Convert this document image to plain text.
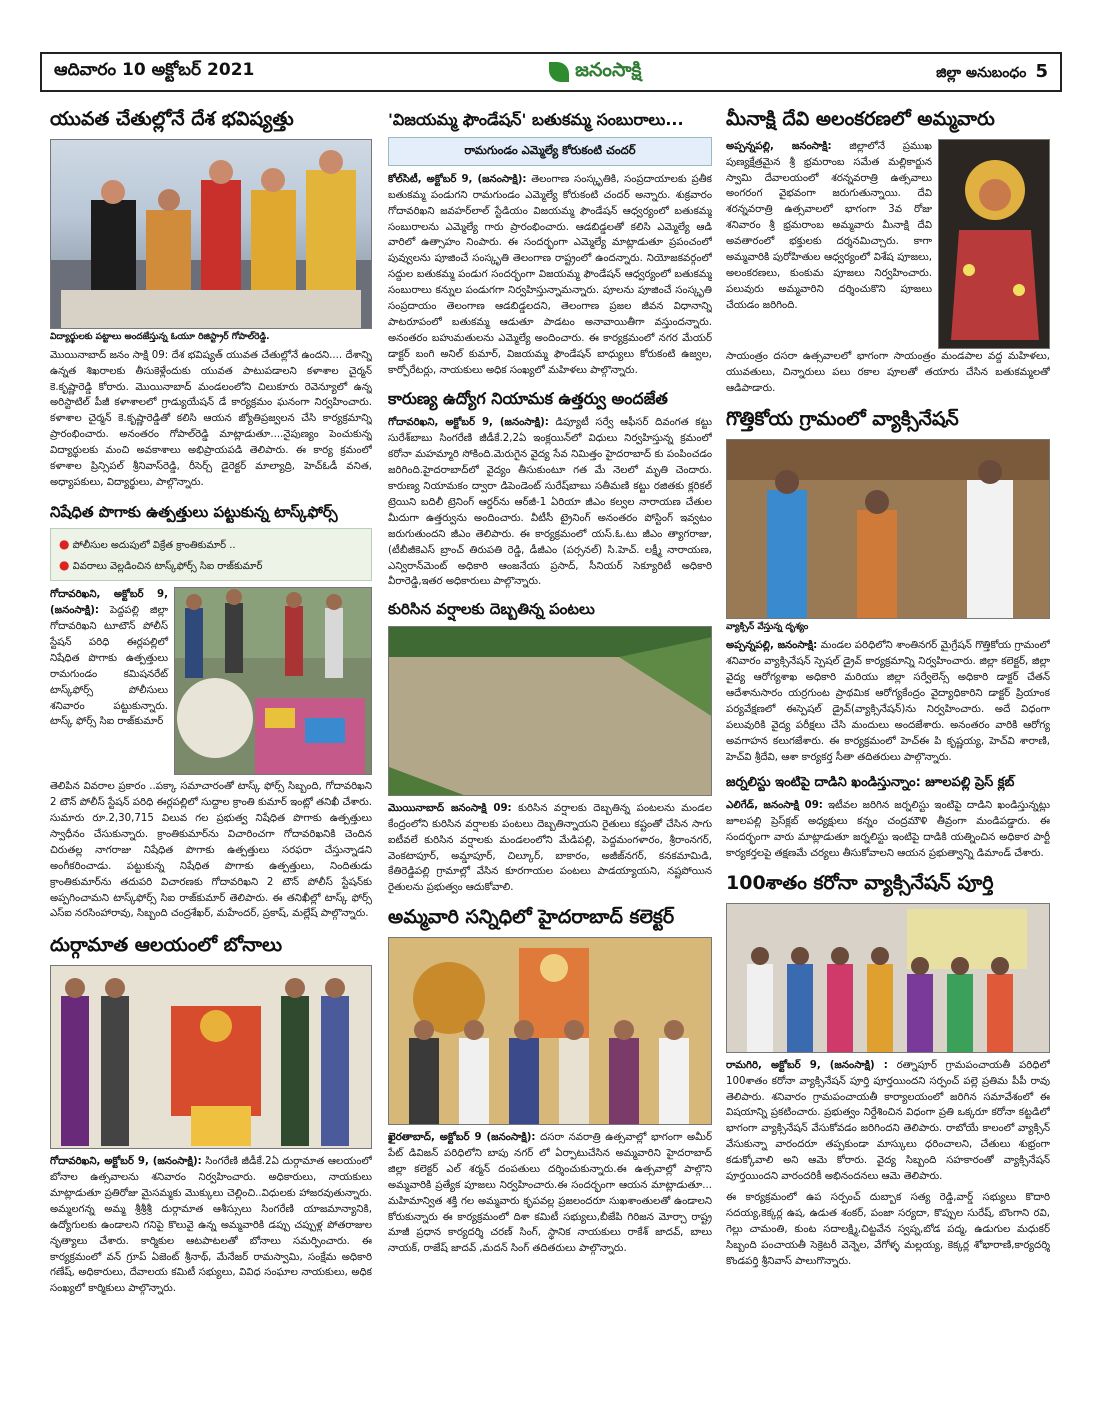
ఆదివారం 10 అక్టోబర్ 2021	జనంసాక్షి	జిల్లా అనుబంధం 5
యువత చేతుల్లోనే దేశ భవిష్యత్తు
విద్యార్థులకు పట్టాలు అందజేస్తున్న ఓయూ రిజిస్ట్రార్ గోపాల్‌రెడ్డి.

మొయినాబాద్ జనం సాక్షి 09: దేశ భవిష్యత్ యువత చేతుల్లోనే ఉందని.... దేశాన్ని ఉన్నత శిఖరాలకు తీసుకెళ్లేందుకు యువత పాటుపడాలని కళాశాల చైర్మన్ కె.కృష్ణారెడ్డి కోరారు. మొయినాబాద్ మండలంలోని చిలుకూరు రెవెన్యూలో ఉన్న అరిస్టాటిల్ పీజీ కళాశాలలో గ్రాడ్యుయేషన్ డే కార్యక్రమం ఘనంగా నిర్వహించారు. కళాశాల చైర్మన్ కె.కృష్ణారెడ్డితో కలిసి ఆయన జ్యోతిప్రజ్వలన చేసి కార్యక్రమాన్ని ప్రారంభించారు. అనంతరం గోపాల్‌రెడ్డి మాట్లాడుతూ....నైపుణ్యం పెంచుకున్న విద్యార్థులకు మంచి అవకాశాలు అభిప్రాయపడి తెలిపారు. ఈ కార్య క్రమంలో కళాశాల ప్రిన్సిపల్ శ్రీనివాస్‌రెడ్డి, రీసెర్చ్ డైరెక్టర్ మాల్యాద్రి, హెచ్‌ఓడీ వనిత, అధ్యాపకులు, విద్యార్థులు, పాల్గొన్నారు.

నిషేధిత పొగాకు ఉత్పత్తులు పట్టుకున్న టాస్క్‌ఫోర్స్
● పోలీసుల అదుపులో విక్రేత క్రాంతికుమార్ ..
● వివరాలు వెల్లడించిన టాస్క్‌ఫోర్స్ సిఐ రాజ్‌కుమార్

గోదావరిఖని, అక్టోబర్ 9, (జనంసాక్షి): పెద్దపల్లి జిల్లా గోదావరిఖని టూటౌన్ పోలీస్ స్టేషన్ పరిధి ఈర్లపల్లిలో నిషేధిత పొగాకు ఉత్పత్తులు రామగుండం కమిషనరేట్ టాస్క్‌ఫోర్స్ పోలీసులు శనివారం పట్టుకున్నారు. టాస్క్ ఫోర్స్ సిఐ రాజ్‌కుమార్

తెలిపిన వివరాల ప్రకారం ..పక్కా సమాచారంతో టాస్క్ ఫోర్స్ సిబ్బంది, గోదావరిఖని 2 టౌన్ పోలీస్ స్టేషన్ పరిధి ఈర్లపల్లిలో సుద్దాల క్రాంతి కుమార్ ఇంట్లో తనిఖీ చేశారు. సుమారు రూ.2,30,715 విలువ గల ప్రభుత్వ నిషేధిత పొగాకు ఉత్పత్తులు స్వాధీనం చేసుకున్నారు. క్రాంతికుమార్‌ను విచారించగా గోదావరిఖనికి చెందిన చిరుతల్ల నాగరాజు నిషేధిత పొగాకు ఉత్పత్తులు సరఫరా చేస్తున్నాడని అంగీకరించాడు. పట్టుకున్న నిషేధిత పొగాకు ఉత్పత్తులు, నిందితుడు క్రాంతికుమార్‌ను తదుపరి విచారణకు గోదావరిఖని 2 టౌన్ పోలీస్ స్టేషన్‌కు అప్పగించామని టాస్క్‌ఫోర్స్ సిఐ రాజ్‌కుమార్ తెలిపారు. ఈ తనిఖీల్లో టాస్క్ ఫోర్స్ ఎస్ఐ నరసింహారావు, సిబ్బంది చంద్రశేఖర్, మహేందర్, ప్రకాష్, మల్లేష్ పాల్గొన్నారు.

దుర్గామాత ఆలయంలో బోనాలు

గోదావరిఖని, అక్టోబర్ 9, (జనంసాక్షి): సింగరేణి జీడీకే.2ఏ దుర్గామాత ఆలయంలో బోనాల ఉత్సవాలను శనివారం నిర్వహించారు. అధికారులు, నాయకులు మాట్లాడుతూ ప్రతిరోజు మైసమ్మకు మొక్కులు చెల్లించి..విధులకు హాజరవుతున్నారు. అమ్మలగన్న అమ్మ శ్రీశ్రీశ్రీ దుర్గామాత ఆశీస్సులు సింగరేణి యాజమాన్యానికి, ఉద్యోగులకు ఉండాలని గనిపై కొలువై ఉన్న అమ్మవారికి డప్పు చప్పుళ్ల పోతరాజుల నృత్యాలు చేశారు. కార్మికుల ఆటపాటలతో బోనాలు సమర్పించారు. ఈ కార్యక్రమంలో వన్ గ్రూప్ ఏజెంట్ శ్రీనాథ్, మేనేజర్ రామస్వామి, సంక్షేమ అధికారి గణేష్, అధికారులు, దేవాలయ కమిటీ సభ్యులు, వివిధ సంఘాల నాయకులు, అధిక సంఖ్యలో కార్మికులు పాల్గొన్నారు.

'విజయమ్మ ఫౌండేషన్' బతుకమ్మ సంబురాలు...
రామగుండం ఎమ్మెల్యే కోరుకంటి చందర్

కోల్‌సిటీ, అక్టోబర్ 9, (జనంసాక్షి): తెలంగాణ సంస్కృతికి, సంప్రదాయాలకు ప్రతీక బతుకమ్మ పండుగని రామగుండం ఎమ్మెల్యే కోరుకంటి చందర్ అన్నారు. శుక్రవారం గోదావరిఖని జవహర్‌లాల్ స్టేడియం విజయమ్మ ఫౌండేషన్ ఆధ్వర్యంలో బతుకమ్మ సంబురాలను ఎమ్మెల్యే గారు ప్రారంభించారు. ఆడబిడ్డలతో కలిసి ఎమ్మెల్యే ఆడి వారిలో ఉత్సాహం నింపారు. ఈ సందర్భంగా ఎమ్మెల్యే మాట్లాడుతూ ప్రపంచంలో పువ్వులను పూజించే సంస్కృతి తెలంగాణ రాష్ట్రంలో ఉందన్నారు. నియోజకవర్గంలో సద్దుల బతుకమ్మ పండుగ సందర్భంగా విజయమ్మ ఫౌండేషన్ ఆధ్వర్యంలో బతుకమ్మ సంబురాలు కన్నుల పండుగగా నిర్వహిస్తున్నామన్నారు. పూలను పూజించే సంస్కృతి సంప్రదాయం తెలంగాణ ఆడబిడ్డలదని, తెలంగాణ ప్రజల జీవన విధానాన్ని పాటరూపంలో బతుకమ్మ ఆడుతూ పాడటం అనావాయితీగా వస్తుందన్నారు. అనంతరం బహుమతులను ఎమ్మెల్యే అందించారు. ఈ కార్యక్రమంలో నగర మేయర్ డాక్టర్ బంగి అనిల్ కుమార్, విజయమ్మ ఫౌండేషన్ బాధ్యులు కోరుకంటి ఉజ్వల, కార్పోరేటర్లు, నాయకులు అధిక సంఖ్యలో మహిళలు పాల్గొన్నారు.

కారుణ్య ఉద్యోగ నియామక ఉత్తర్వు అందజేత

గోదావరిఖని, అక్టోబర్ 9, (జనంసాక్షి): డిప్యూటీ సర్వే ఆఫీసర్ దివంగత కట్టు సురేశ్‌బాబు సింగరేణి జీడీకే.2,2ఏ ఇంక్లయిన్‌లో విధులు నిర్వహిస్తున్న క్రమంలో కరోనా మహమ్మారి సోకింది.మెరుగైన వైద్య సేవ నిమిత్తం హైదరాబాద్ కు పంపించడం జరిగింది.హైదరాబాద్‌లో వైద్యం తీసుకుంటూ గత మే నెలలో మృతి చెందారు. కారుణ్య నియామకం ద్వారా డిపెండెంట్ సురేష్‌బాబు సతీమణి కట్టు రజితకు క్లరికల్ ట్రెయిని బదిలీ ట్రెనింగ్ ఆర్డర్‌ను ఆర్‌జీ-1 ఏరియా జీఎం కల్వల నారాయణ చేతుల మీదుగా ఉత్తర్వును అందించారు. వీటీసీ ట్రైనింగ్ అనంతరం పోస్టింగ్ ఇవ్వటం జరుగుతుందని జీఎం తెలిపారు. ఈ కార్యక్రమంలో యస్.ఓ.టు జీఎం త్యాగరాజు, (టీబీజీకెఎస్ బ్రాంచ్ తిరుపతి రెడ్డి, డీజీఎం (పర్సనల్) సి.హెచ్. లక్ష్మీ నారాయణ, ఎన్విరాన్‌మెంట్ అధికారి ఆంజనేయ ప్రసాద్, సీనియర్ సెక్యూరిటీ అధికారి వీరారెడ్డి,ఇతర అధికారులు పాల్గొన్నారు.

కురిసిన వర్షాలకు దెబ్బతిన్న పంటలు

మొయినాబాద్ జనంసాక్షి 09: కురిసిన వర్షాలకు దెబ్బతిన్న పంటలను మండల కేంద్రంలోని కురిసిన వర్షాలకు పంటలు దెబ్బతిన్నాయని రైతులు కష్టంతో చేసిన సాగు ఐటీవలే కురిసిన వర్షాలకు మండలంలోని మేడిపల్లి, పెద్దమంగళారం, శ్రీరాంనగర్, వెంకటాపూర్, అమ్డాపూర్, చిల్కూర్, బాకారం, అజీజ్‌నగర్, కనకమామిడి, కేతిరెడ్డిపల్లి గ్రామాల్లో వేసిన కూరగాయల పంటలు పాడయ్యాయని, నష్టపోయిన రైతులను ప్రభుత్వం ఆదుకోవాలి.

అమ్మవారి సన్నిధిలో హైదరాబాద్ కలెక్టర్

ఖైరతాబాద్, అక్టోబర్ 9 (జనంసాక్షి): దసరా నవరాత్రి ఉత్సవాల్లో భాగంగా అమీర్ పేట్ డివిజన్ పరిధిలోని బాపు నగర్ లో ఏర్పాటుచేసిన అమ్మవారిని హైదరాబాద్ జిల్లా కలెక్టర్ ఎల్ శర్మన్ దంపతులు దర్శించుకున్నారు.ఈ ఉత్సవాల్లో పాల్గొని అమ్మవారికి ప్రత్యేక పూజలు నిర్వహించారు.ఈ సందర్భంగా ఆయన మాట్లాడుతూ... మహిమాన్విత శక్తి గల అమ్మవారు కృపవల్ల ప్రజలందరూ సుఖశాంతులతో ఉండాలని కోరుకున్నారు ఈ కార్యక్రమంలో దిశా కమిటీ సభ్యులు,బీజేపి గిరిజన మోర్చా రాష్ట్ర మాజీ ప్రధాన కార్యదర్శి చరణ్ సింగ్, స్థానిక నాయకులు రాకేశ్ జాదవ్, బాలు నాయక్, రాజేష్ జాదవ్ ,మదన్ సింగ్ తదితరులు పాల్గొన్నారు.

మీనాక్షి దేవి అలంకరణలో అమ్మవారు

అప్పన్నపల్లి, జనంసాక్షి: జిల్లాలోనే ప్రముఖ పుణ్యక్షేత్రమైన శ్రీ భ్రమరాంబ సమేత మల్లికార్జున స్వామి దేవాలయంలో శరన్నవరాత్రి ఉత్సవాలు అంగరంగ వైభవంగా జరుగుతున్నాయి. దేవి శరన్నవరాత్రి ఉత్సవాలలో భాగంగా 3వ రోజు శనివారం శ్రీ భ్రమరాంబ అమ్మవారు మీనాక్షి దేవి అవతారంలో భక్తులకు దర్శనమిచ్చారు. కాగా అమ్మవారికి పురోహితుల ఆధ్వర్యంలో విశేష పూజలు, అలంకరణలు, కుంకుమ పూజలు నిర్వహించారు. పలువురు అమ్మవారిని దర్శించుకొని పూజలు చేయడం జరిగింది.

సాయంత్రం దసరా ఉత్సవాలలో భాగంగా సాయంత్రం మండపాల వద్ద మహిళలు, యువతులు, చిన్నారులు పలు రకాల పూలతో తయారు చేసిన బతుకమ్మలతో ఆడిపాడారు.

గొత్తికోయ గ్రామంలో వ్యాక్సినేషన్
వ్యాక్సిన్ వేస్తున్న దృశ్యం

అప్పన్నపల్లి, జనంసాక్షి: మండల పరిధిలోని శాంతినగర్ మైగ్రేషన్ గొత్తికోయ గ్రామంలో శనివారం వ్యాక్సినేషన్ స్పెషల్ డ్రైవ్ కార్యక్రమాన్ని నిర్వహించారు. జిల్లా కలెక్టర్, జిల్లా వైద్య ఆరోగ్యశాఖ అధికారి మరియు జిల్లా సర్వేలెన్స్ అధికారి డాక్టర్ చేతన్ ఆదేశానుసారం యర్రగుంట ప్రాథమిక ఆరోగ్యకేంద్రం వైద్యాధికారిని డాక్టర్ ప్రియాంక పర్యవేక్షణలో ఈస్పెషల్ డ్రైవ్(వ్యాక్సినేషన్)ను నిర్వహించారు. అదే విధంగా పలువురికి వైద్య పరీక్షలు చేసి మందులు అందజేశారు. అనంతరం వారికి ఆరోగ్య అవగాహన కలుగజేశారు. ఈ కార్యక్రమంలో హెచ్ఈ పి కృష్ణయ్య, హెచ్‌వి శారాణి, హెచ్‌వి శ్రీదేవి, ఆశా కార్యకర్త సీతా తదితరులు పాల్గొన్నారు.

జర్నలిస్టు ఇంటిపై దాడిని ఖండిస్తున్నాం: జూలపల్లి ప్రెస్ క్లబ్

ఎలిగేడ్, జనంసాక్షి 09: ఇటీవల జరిగిన జర్నలిస్టు ఇంటిపై దాడిని ఖండిస్తున్నట్లు జూలపల్లి ప్రెస్‌క్లబ్ అధ్యక్షులు కన్నం చంద్రమౌళి తీవ్రంగా మండిపడ్డారు. ఈ సందర్భంగా వారు మాట్లాడుతూ జర్నలిస్టు ఇంటిపై దాడికి యత్నించిన అధికార పార్టీ కార్యకర్తలపై తక్షణమే చర్యలు తీసుకోవాలని ఆయన ప్రభుత్వాన్ని డిమాండ్ చేశారు.

100శాతం కరోనా వ్యాక్సినేషన్ పూర్తి

రామగిరి, అక్టోబర్ 9, (జనంసాక్షి) : రత్నాపూర్ గ్రామపంచాయతీ పరిధిలో 100శాతం కరోనా వ్యాక్సినేషన్ పూర్తి పూర్తయిందని సర్పంచ్ పల్లె ప్రతిమ పీపీ రావు తెలిపారు. శనివారం గ్రామపంచాయతీ కార్యాలయంలో జరిగిన సమావేశంలో ఈ విషయాన్ని ప్రకటించారు. ప్రభుత్వం నిర్దేశించిన విధంగా ప్రతి ఒక్కరూ కరోనా కట్టడిలో భాగంగా వ్యాక్సినేషన్ వేసుకోవడం జరిగిందని తెలిపారు. రాబోయే కాలంలో వ్యాక్సిన్ వేసుకున్నా వారందరూ తప్పకుండా మాస్కులు ధరించాలని, చేతులు శుభ్రంగా కడుక్కోవాలి అని ఆమె కోరారు. వైద్య సిబ్బంది సహకారంతో వ్యాక్సినేషన్ పూర్తయిందని వారందరికీ అభినందనలు ఆమె తెలిపారు.

ఈ కార్యక్రమంలో ఉప సర్పంచ్ దుబ్బాక సత్య రెడ్డి,వార్డ్ సభ్యులు కొదారి సదయ్య,కెక్కర్ల ఉష, ఉడుత శంకర్, పంజా సర్యదా, కొప్పుల సురేష్, బొంగాని రవి, గెల్లు చామంతి, కుంట సదాలక్ష్మి,చిట్టవేన స్వప్న,బోడ పద్మ, ఉడుగుల మధుకర్ సిబ్బంది పంచాయతీ సెక్రెటరీ వెన్నెల, వేగోళ్ళ మల్లయ్య, కెక్కర్ల శోభారాణి,కార్యదర్శి కొండపర్తి శ్రీనివాస్ పాలుగొన్నారు.
